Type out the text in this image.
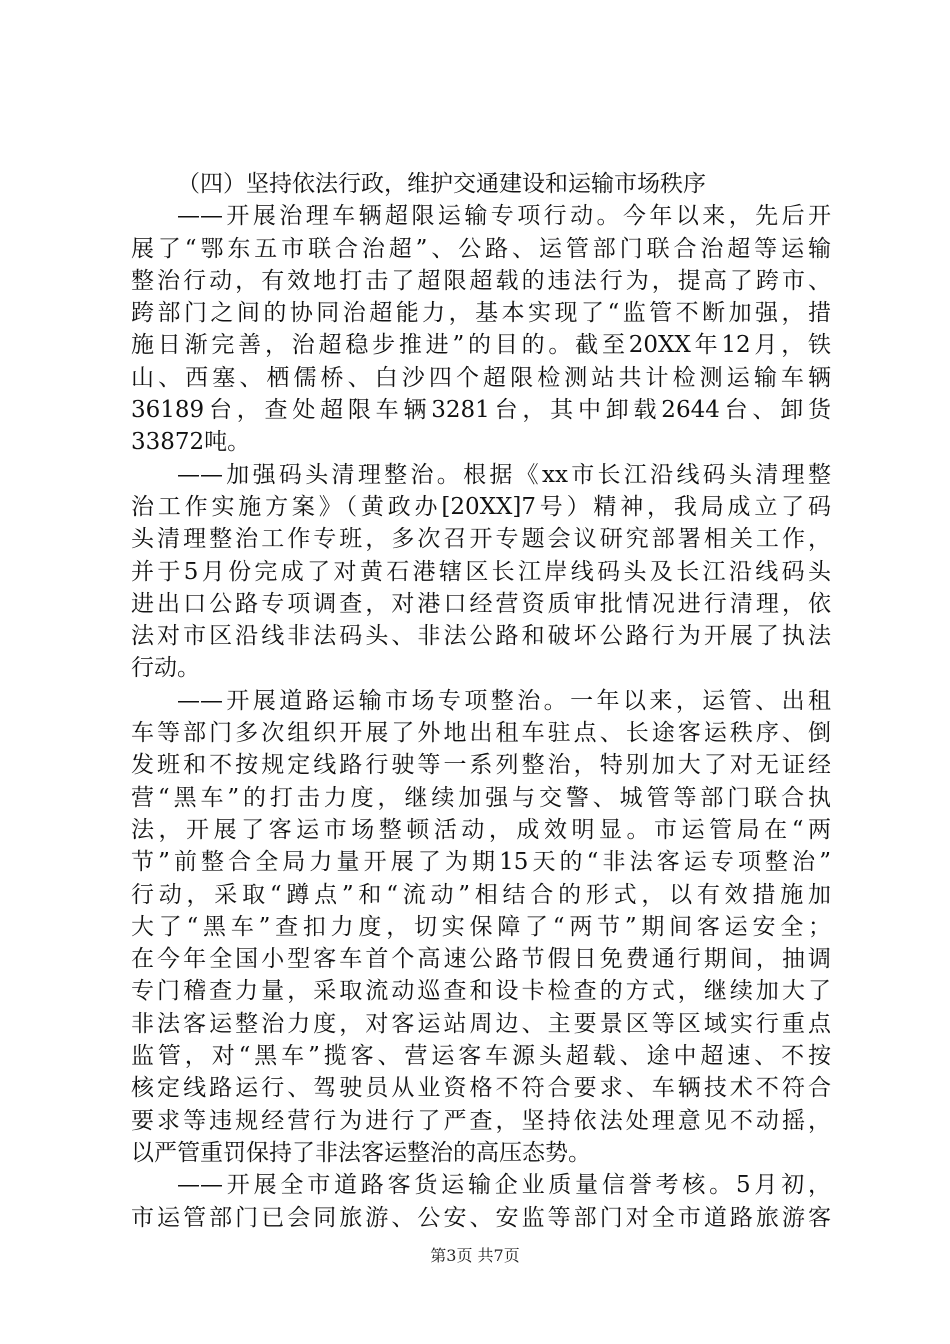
（四）坚持依法行政，维护交通建设和运输市场秩序
——开展治理车辆超限运输专项行动。今年以来，先后开
展了“鄂东五市联合治超”、公路、运管部门联合治超等运输
整治行动，有效地打击了超限超载的违法行为，提高了跨市、
跨部门之间的协同治超能力，基本实现了“监管不断加强，措
施日渐完善，治超稳步推进”的目的。截至20XX年12月，铁
山、西塞、栖儒桥、白沙四个超限检测站共计检测运输车辆
36189台，查处超限车辆3281台，其中卸载2644台、卸货
33872吨。
——加强码头清理整治。根据《xx市长江沿线码头清理整
治工作实施方案》（黄政办[20XX]7号）精神，我局成立了码
头清理整治工作专班，多次召开专题会议研究部署相关工作，
并于5月份完成了对黄石港辖区长江岸线码头及长江沿线码头
进出口公路专项调查，对港口经营资质审批情况进行清理，依
法对市区沿线非法码头、非法公路和破坏公路行为开展了执法
行动。
——开展道路运输市场专项整治。一年以来，运管、出租
车等部门多次组织开展了外地出租车驻点、长途客运秩序、倒
发班和不按规定线路行驶等一系列整治，特别加大了对无证经
营“黑车”的打击力度，继续加强与交警、城管等部门联合执
法，开展了客运市场整顿活动，成效明显。市运管局在“两
节”前整合全局力量开展了为期15天的“非法客运专项整治”
行动，采取“蹲点”和“流动”相结合的形式，以有效措施加
大了“黑车”查扣力度，切实保障了“两节”期间客运安全；
在今年全国小型客车首个高速公路节假日免费通行期间，抽调
专门稽查力量，采取流动巡查和设卡检查的方式，继续加大了
非法客运整治力度，对客运站周边、主要景区等区域实行重点
监管，对“黑车”揽客、营运客车源头超载、途中超速、不按
核定线路运行、驾驶员从业资格不符合要求、车辆技术不符合
要求等违规经营行为进行了严查，坚持依法处理意见不动摇，
以严管重罚保持了非法客运整治的高压态势。
——开展全市道路客货运输企业质量信誉考核。5月初，
市运管部门已会同旅游、公安、安监等部门对全市道路旅游客
第3页 共7页
